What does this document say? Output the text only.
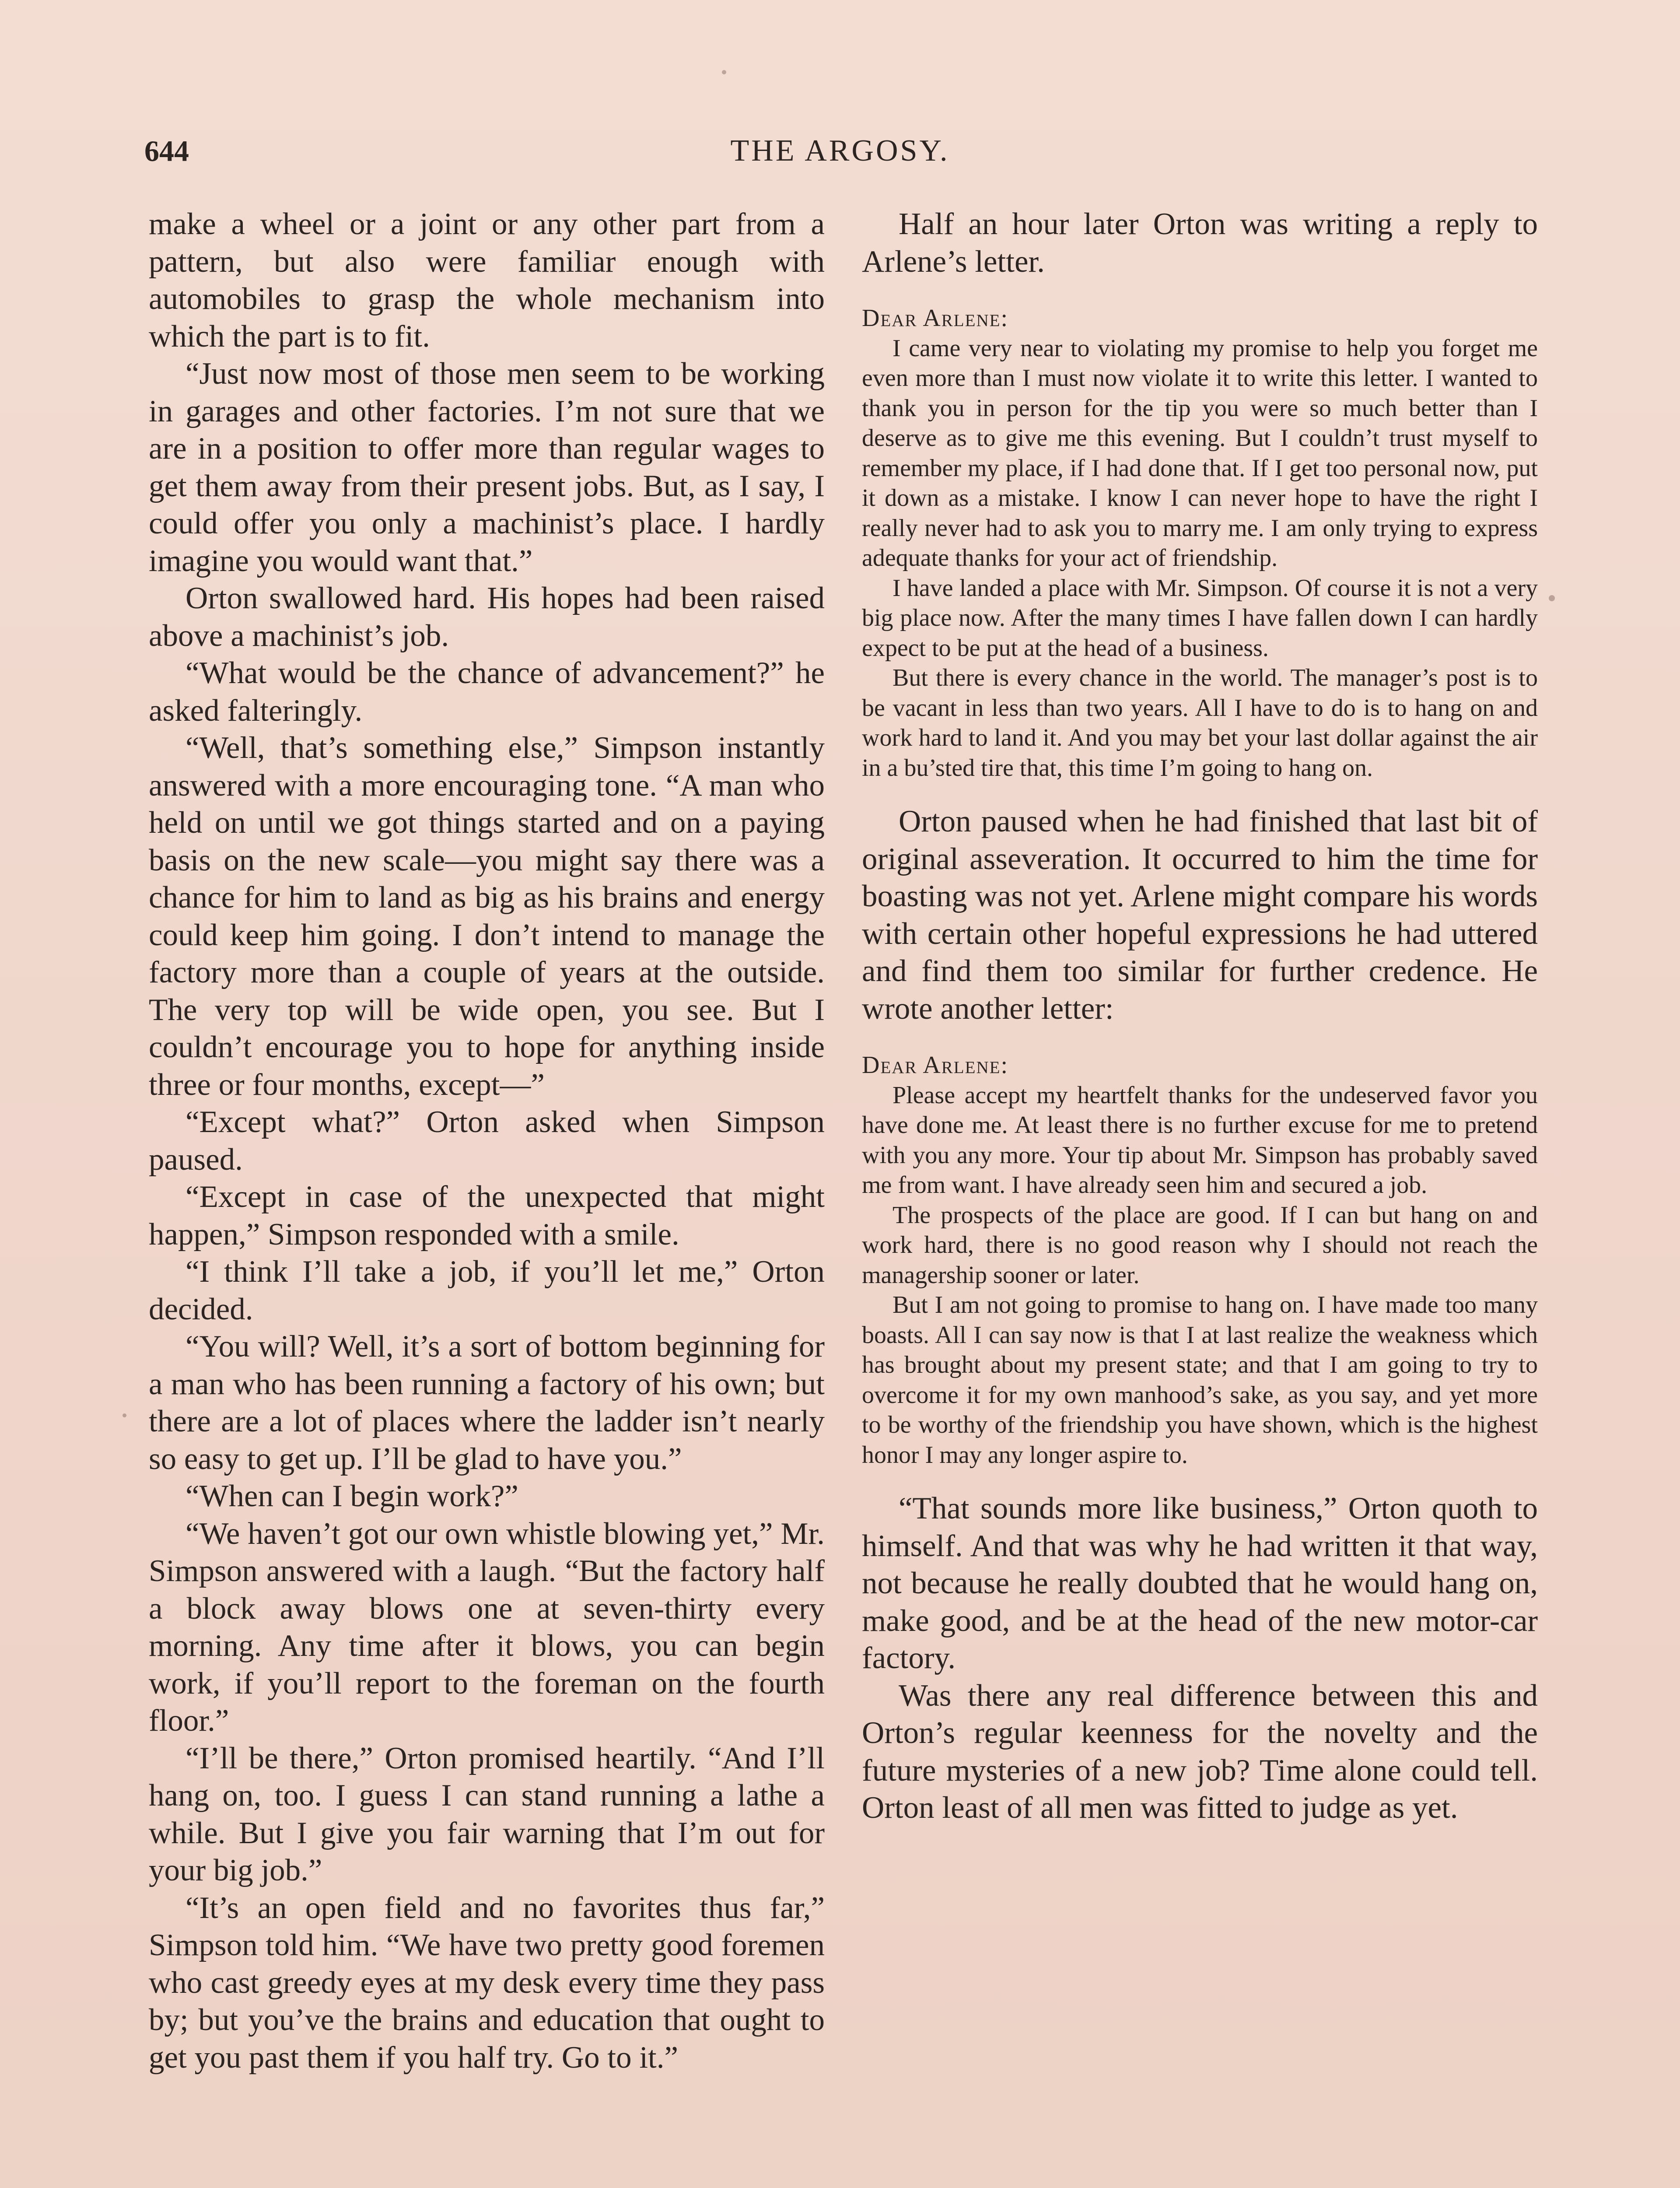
644	THE ARGOSY.

make a wheel or a joint or any other part from a pattern, but also were familiar enough with automobiles to grasp the whole mechanism into which the part is to fit.

“Just now most of those men seem to be working in garages and other factories. I’m not sure that we are in a position to offer more than regular wages to get them away from their present jobs. But, as I say, I could offer you only a machinist’s place. I hardly imagine you would want that.”

Orton swallowed hard. His hopes had been raised above a machinist’s job.

“What would be the chance of advancement?” he asked falteringly.

“Well, that’s something else,” Simpson instantly answered with a more encouraging tone. “A man who held on until we got things started and on a paying basis on the new scale—you might say there was a chance for him to land as big as his brains and energy could keep him going. I don’t intend to manage the factory more than a couple of years at the outside. The very top will be wide open, you see. But I couldn’t encourage you to hope for anything inside three or four months, except—”

“Except what?” Orton asked when Simpson paused.

“Except in case of the unexpected that might happen,” Simpson responded with a smile.

“I think I’ll take a job, if you’ll let me,” Orton decided.

“You will? Well, it’s a sort of bottom beginning for a man who has been running a factory of his own; but there are a lot of places where the ladder isn’t nearly so easy to get up. I’ll be glad to have you.”

“When can I begin work?”

“We haven’t got our own whistle blowing yet,” Mr. Simpson answered with a laugh. “But the factory half a block away blows one at seven-thirty every morning. Any time after it blows, you can begin work, if you’ll report to the foreman on the fourth floor.”

“I’ll be there,” Orton promised heartily. “And I’ll hang on, too. I guess I can stand running a lathe a while. But I give you fair warning that I’m out for your big job.”

“It’s an open field and no favorites thus far,” Simpson told him. “We have two pretty good foremen who cast greedy eyes at my desk every time they pass by; but you’ve the brains and education that ought to get you past them if you half try. Go to it.”

Half an hour later Orton was writing a reply to Arlene’s letter.

Dear Arlene:

I came very near to violating my promise to help you forget me even more than I must now violate it to write this letter. I wanted to thank you in person for the tip you were so much better than I deserve as to give me this evening. But I couldn’t trust myself to remember my place, if I had done that. If I get too personal now, put it down as a mistake. I know I can never hope to have the right I really never had to ask you to marry me. I am only trying to express adequate thanks for your act of friendship.

I have landed a place with Mr. Simpson. Of course it is not a very big place now. After the many times I have fallen down I can hardly expect to be put at the head of a business.

But there is every chance in the world. The manager’s post is to be vacant in less than two years. All I have to do is to hang on and work hard to land it. And you may bet your last dollar against the air in a bu’sted tire that, this time I’m going to hang on.

Orton paused when he had finished that last bit of original asseveration. It occurred to him the time for boasting was not yet. Arlene might compare his words with certain other hopeful expressions he had uttered and find them too similar for further credence. He wrote another letter:

Dear Arlene:

Please accept my heartfelt thanks for the undeserved favor you have done me. At least there is no further excuse for me to pretend with you any more. Your tip about Mr. Simpson has probably saved me from want. I have already seen him and secured a job.

The prospects of the place are good. If I can but hang on and work hard, there is no good reason why I should not reach the managership sooner or later.

But I am not going to promise to hang on. I have made too many boasts. All I can say now is that I at last realize the weakness which has brought about my present state; and that I am going to try to overcome it for my own manhood’s sake, as you say, and yet more to be worthy of the friendship you have shown, which is the highest honor I may any longer aspire to.

“That sounds more like business,” Orton quoth to himself. And that was why he had written it that way, not because he really doubted that he would hang on, make good, and be at the head of the new motor-car factory.

Was there any real difference between this and Orton’s regular keenness for the novelty and the future mysteries of a new job? Time alone could tell. Orton least of all men was fitted to judge as yet.
